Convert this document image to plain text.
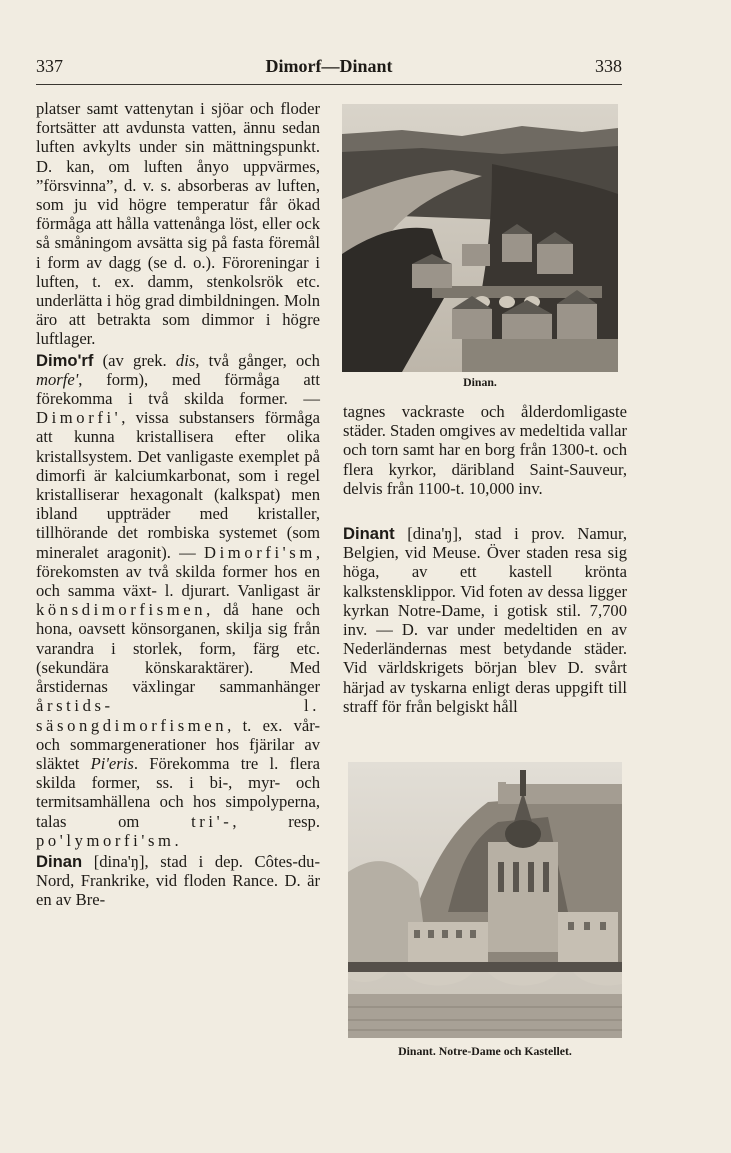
337	Dimorf—Dinant	338

platser samt vattenytan i sjöar och floder fortsätter att avdunsta vatten, ännu sedan luften avkylts under sin mättningspunkt. D. kan, om luften ånyo uppvärmes, ”försvinna”, d. v. s. absorberas av luften, som ju vid högre temperatur får ökad förmåga att hålla vattenånga löst, eller ock så småningom avsätta sig på fasta föremål i form av dagg (se d. o.). Föroreningar i luften, t. ex. damm, stenkolsrök etc. underlätta i hög grad dimbildningen. Moln äro att betrakta som dimmor i högre luftlager.

Dimo'rf (av grek. dis, två gånger, och morfe', form), med förmåga att förekomma i två skilda former. — Dimorfi', vissa substansers förmåga att kunna kristallisera efter olika kristallsystem. Det vanligaste exemplet på dimorfi är kalciumkarbonat, som i regel kristalliserar hexagonalt (kalkspat) men ibland uppträder med kristaller, tillhörande det rombiska systemet (som mineralet aragonit). — Dimorfi'sm, förekomsten av två skilda former hos en och samma växt- l. djurart. Vanligast är könsdimorfismen, då hane och hona, oavsett könsorganen, skilja sig från varandra i storlek, form, färg etc. (sekundära könskaraktärer). Med årstidernas växlingar sammanhänger årstids- l. säsongdimorfismen, t. ex. vår- och sommargenerationer hos fjärilar av släktet Pi'eris. Förekomma tre l. flera skilda former, ss. i bi-, myr- och termitsamhällena och hos simpolyperna, talas om tri'-, resp. po'lymorfi'sm.

Dinan [dina'ŋ], stad i dep. Côtes-du-Nord, Frankrike, vid floden Rance. D. är en av Bre-

Dinan.

tagnes vackraste och ålderdomligaste städer. Staden omgives av medeltida vallar och torn samt har en borg från 1300-t. och flera kyrkor, däribland Saint-Sauveur, delvis från 1100-t. 10,000 inv.

Dinant [dina'ŋ], stad i prov. Namur, Belgien, vid Meuse. Över staden resa sig höga, av ett kastell krönta kalkstensklippor. Vid foten av dessa ligger kyrkan Notre-Dame, i gotisk stil. 7,700 inv. — D. var under medeltiden en av Nederländernas mest betydande städer. Vid världskrigets början blev D. svårt härjad av tyskarna enligt deras uppgift till straff för från belgiskt håll

Dinant. Notre-Dame och Kastellet.
